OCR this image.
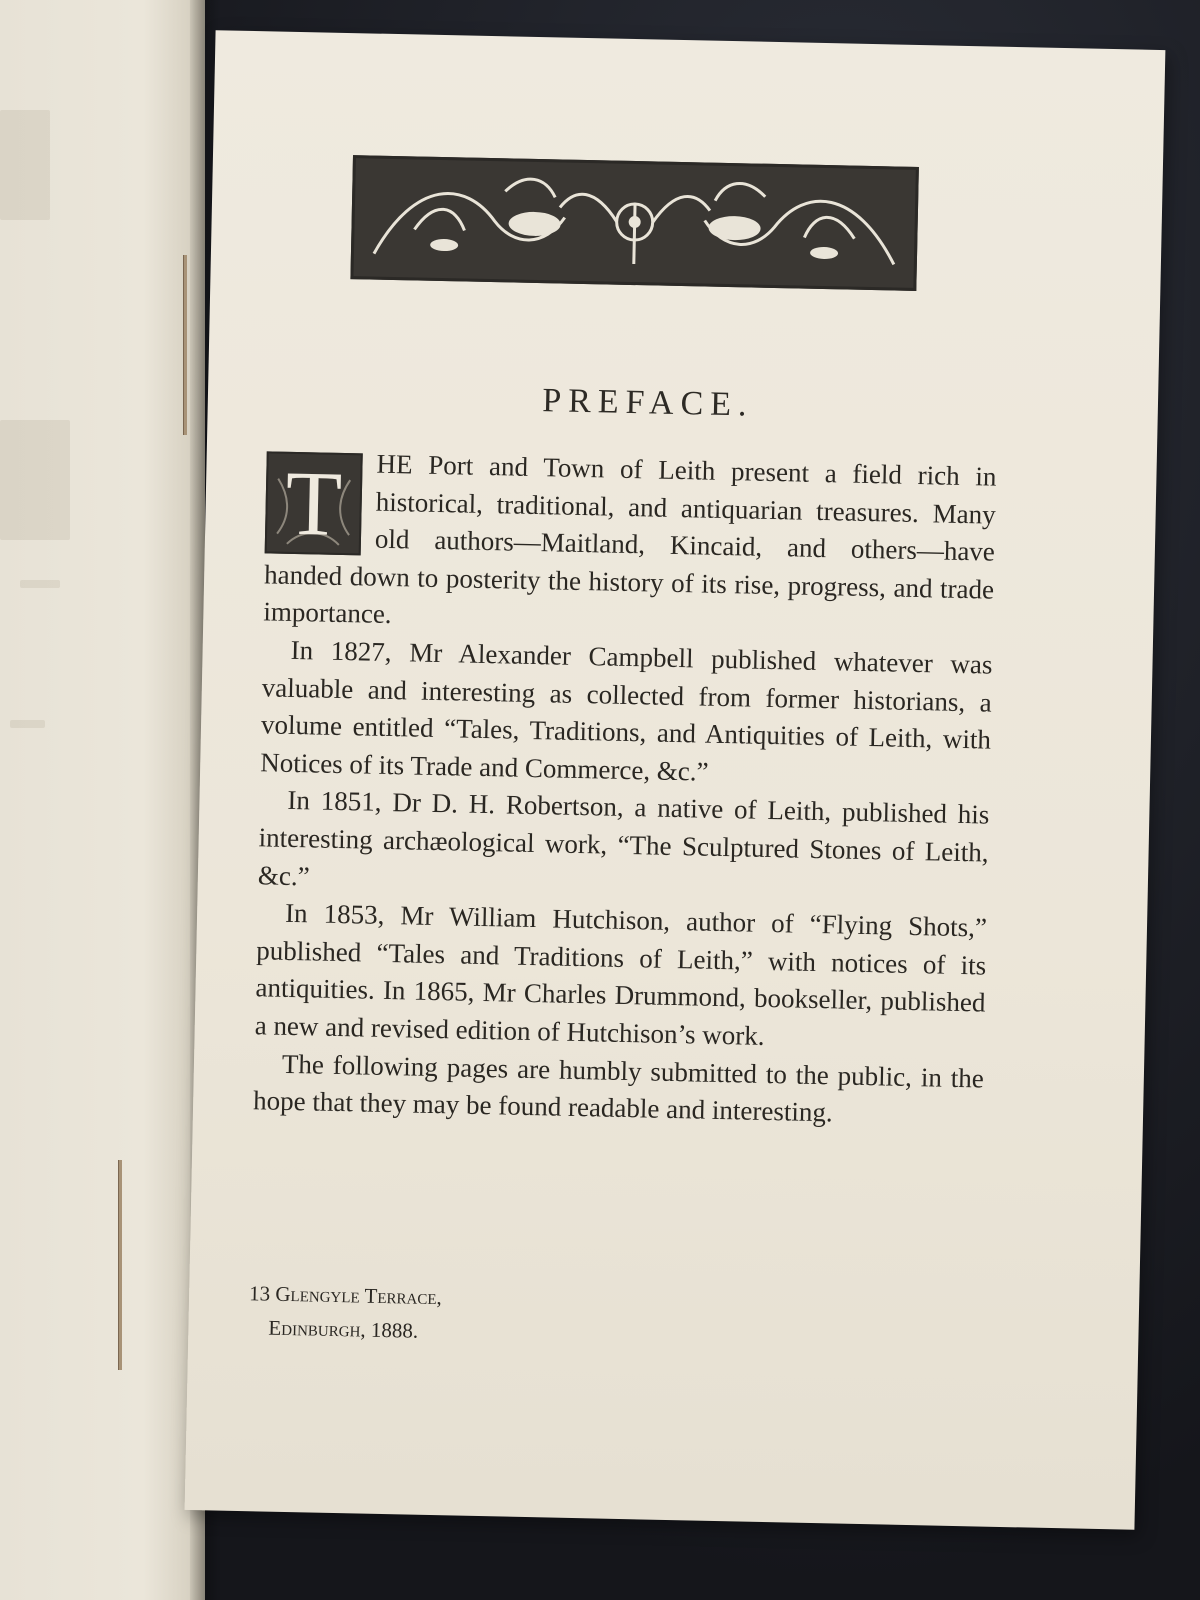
PREFACE.

T	HE Port and Town of Leith present a field rich in historical, traditional, and antiquarian treasures. Many old authors—Maitland, Kincaid, and others—have handed down to posterity the history of its rise, progress, and trade importance.

In 1827, Mr Alexander Campbell published whatever was valuable and interesting as collected from former historians, a volume entitled “Tales, Traditions, and Antiquities of Leith, with Notices of its Trade and Commerce, &c.”

In 1851, Dr D. H. Robertson, a native of Leith, published his interesting archæological work, “The Sculptured Stones of Leith, &c.”

In 1853, Mr William Hutchison, author of “Flying Shots,” published “Tales and Traditions of Leith,” with notices of its antiquities. In 1865, Mr Charles Drummond, bookseller, published a new and revised edition of Hutchison’s work.

The following pages are humbly submitted to the public, in the hope that they may be found readable and interesting.

13 Glengyle Terrace,
Edinburgh, 1888.
